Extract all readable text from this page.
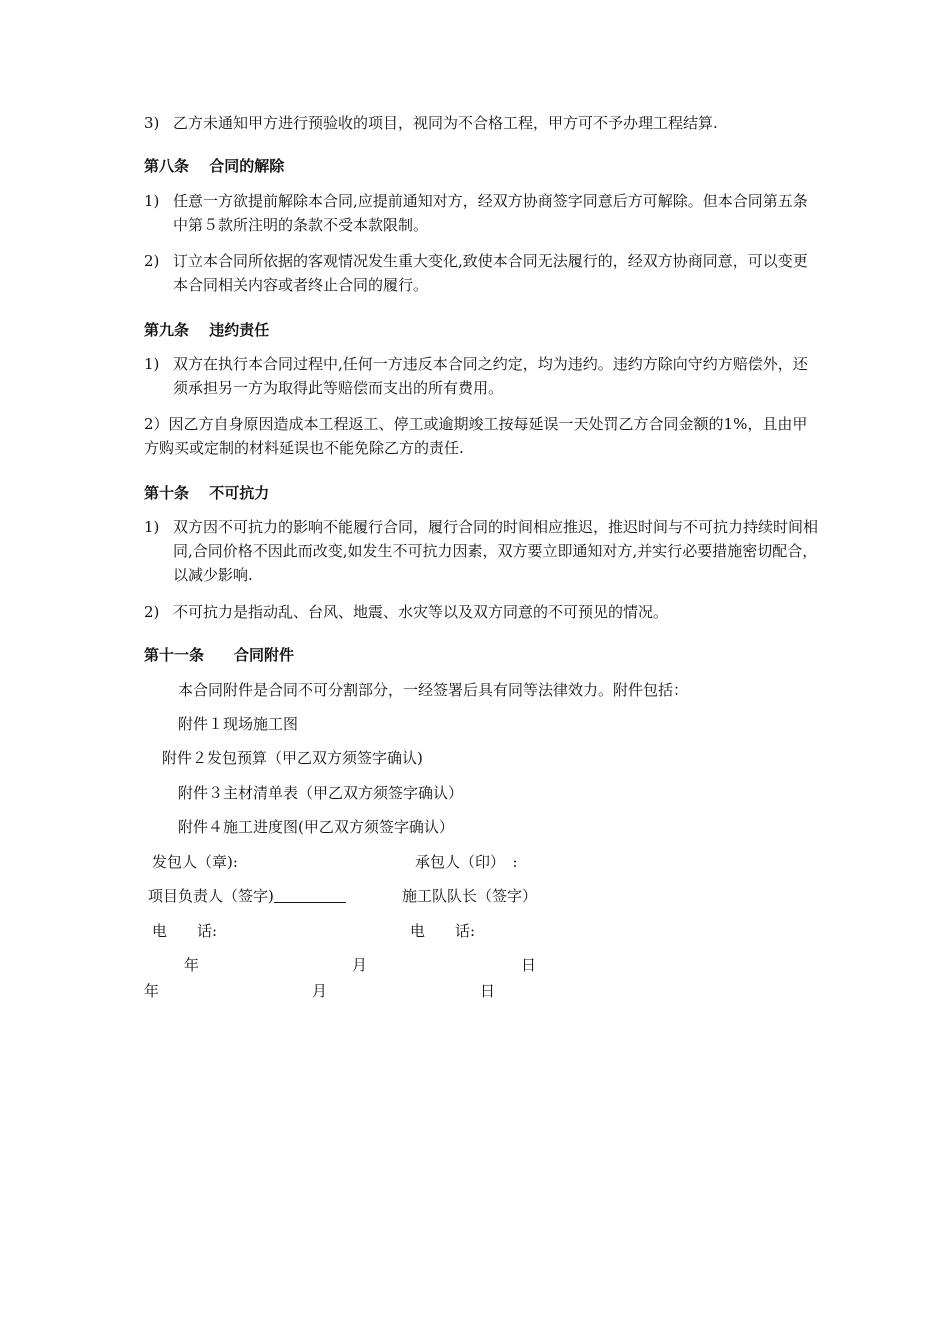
3) 乙方未通知甲方进行预验收的项目，视同为不合格工程，甲方可不予办理工程结算.
第八条　 合同的解除
1) 任意一方欲提前解除本合同,应提前通知对方，经双方协商签字同意后方可解除。但本合同第五条中第５款所注明的条款不受本款限制。
2) 订立本合同所依据的客观情况发生重大变化,致使本合同无法履行的，经双方协商同意，可以变更本合同相关内容或者终止合同的履行。
第九条　 违约责任
1) 双方在执行本合同过程中,任何一方违反本合同之约定，均为违约。违约方除向守约方赔偿外，还须承担另一方为取得此等赔偿而支出的所有费用。
2）因乙方自身原因造成本工程返工、停工或逾期竣工按每延误一天处罚乙方合同金额的1%，且由甲方购买或定制的材料延误也不能免除乙方的责任.
第十条　 不可抗力
1) 双方因不可抗力的影响不能履行合同，履行合同的时间相应推迟，推迟时间与不可抗力持续时间相同,合同价格不因此而改变,如发生不可抗力因素，双方要立即通知对方,并实行必要措施密切配合，以减少影响.
2) 不可抗力是指动乱、台风、地震、水灾等以及双方同意的不可预见的情况。
第十一条　　合同附件
本合同附件是合同不可分割部分，一经签署后具有同等法律效力。附件包括：
附件１现场施工图
附件２发包预算（甲乙双方须签字确认)
附件３主材清单表（甲乙双方须签字确认）
附件４施工进度图(甲乙双方须签字确认）
发包人（章):	承包人（印）　:
项目负责人（签字)	施工队队长（签字）
电　　话:	电　　话:
年	月	日
年	月	日
